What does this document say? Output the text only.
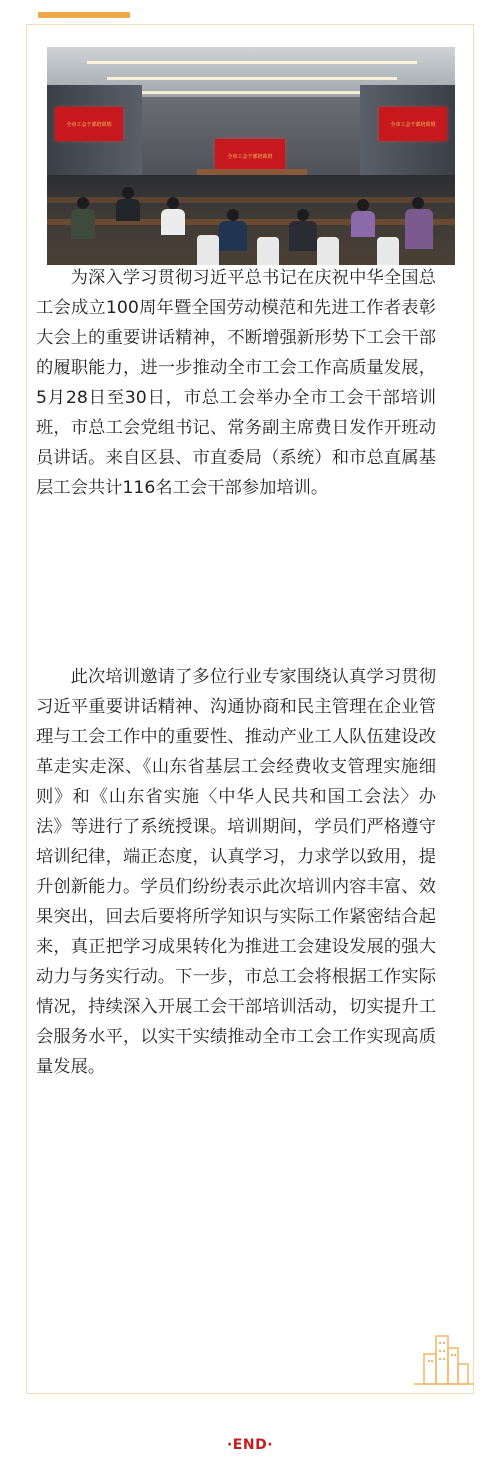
全市工会干部培训班
全市工会干部培训班
全市工会干部培训班

为深入学习贯彻习近平总书记在庆祝中华全国总工会成立100周年暨全国劳动模范和先进工作者表彰大会上的重要讲话精神，不断增强新形势下工会干部的履职能力，进一步推动全市工会工作高质量发展，5月28日至30日，市总工会举办全市工会干部培训班，市总工会党组书记、常务副主席费日发作开班动员讲话。来自区县、市直委局（系统）和市总直属基层工会共计116名工会干部参加培训。

此次培训邀请了多位行业专家围绕认真学习贯彻习近平重要讲话精神、沟通协商和民主管理在企业管理与工会工作中的重要性、推动产业工人队伍建设改革走实走深、《山东省基层工会经费收支管理实施细则》和《山东省实施〈中华人民共和国工会法〉办法》等进行了系统授课。培训期间，学员们严格遵守培训纪律，端正态度，认真学习，力求学以致用，提升创新能力。学员们纷纷表示此次培训内容丰富、效果突出，回去后要将所学知识与实际工作紧密结合起来，真正把学习成果转化为推进工会建设发展的强大动力与务实行动。下一步，市总工会将根据工作实际情况，持续深入开展工会干部培训活动，切实提升工会服务水平，以实干实绩推动全市工会工作实现高质量发展。

·END·
